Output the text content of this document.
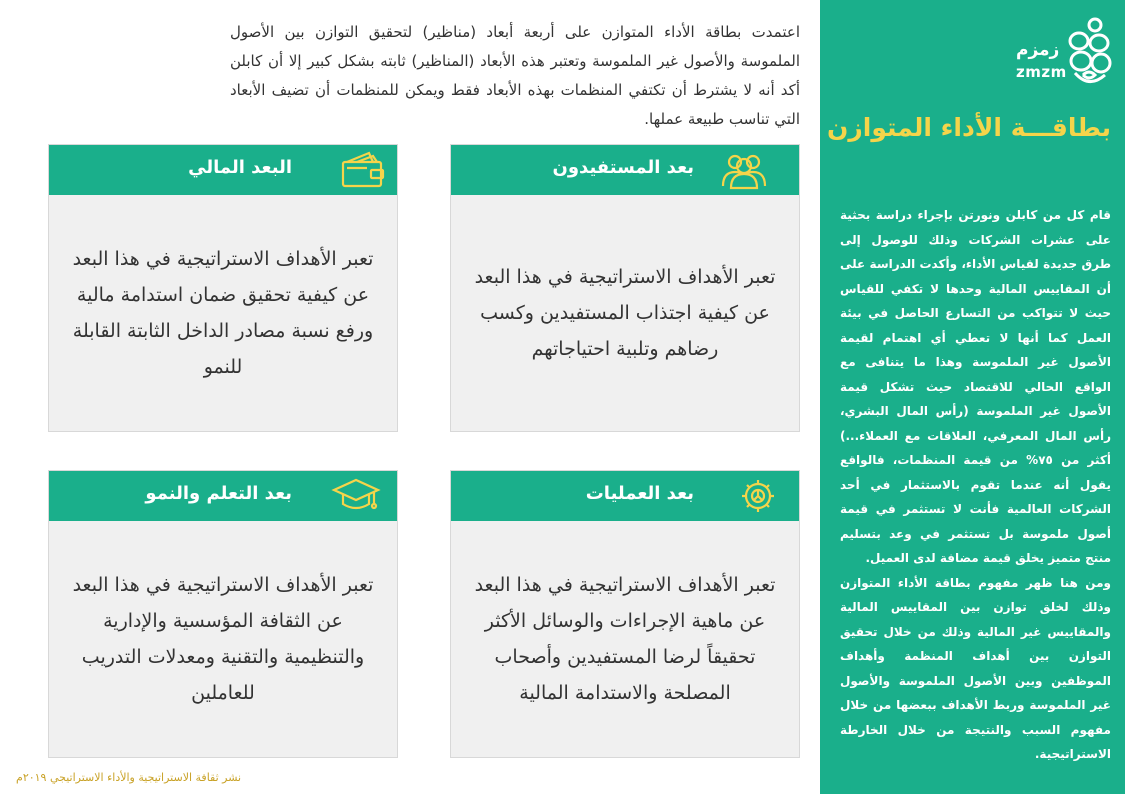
زمزم
zmzm
بطاقـــة الأداء المتوازن

قام كل من كابلن ونورتن بإجراء دراسة بحثية على عشرات الشركات وذلك للوصول إلى طرق جديدة لقياس الأداء، وأكدت الدراسة على أن المقاييس المالية وحدها لا تكفي للقياس حيث لا تتواكب من التسارع الحاصل في بيئة العمل كما أنها لا تعطي أي اهتمام لقيمة الأصول غير الملموسة وهذا ما يتنافى مع الواقع الحالي للاقتصاد حيث تشكل قيمة الأصول غير الملموسة (رأس المال البشري، رأس المال المعرفي، العلاقات مع العملاء...) أكثر من ٧٥% من قيمة المنظمات، فالواقع يقول أنه عندما تقوم بالاستثمار في أحد الشركات العالمية فأنت لا تستثمر في قيمة أصول ملموسة بل تستثمر في وعد بتسليم منتج متميز يخلق قيمة مضافة لدى العميل.

ومن هنا ظهر مفهوم بطاقة الأداء المتوازن وذلك لخلق توازن بين المقاييس المالية والمقاييس غير المالية وذلك من خلال تحقيق التوازن بين أهداف المنظمة وأهداف الموظفين وبين الأصول الملموسة والأصول غير الملموسة وربط الأهداف ببعضها من خلال مفهوم السبب والنتيجة من خلال الخارطة الاستراتيجية.

اعتمدت بطاقة الأداء المتوازن على أربعة أبعاد (مناظير) لتحقيق التوازن بين الأصول الملموسة والأصول غير الملموسة وتعتبر هذه الأبعاد (المناظير) ثابته بشكل كبير إلا أن كابلن أكد أنه لا يشترط أن تكتفي المنظمات بهذه الأبعاد فقط ويمكن للمنظمات أن تضيف الأبعاد التي تناسب طبيعة عملها.
بعد المستفيدون
تعبر الأهداف الاستراتيجية في هذا البعد عن كيفية اجتذاب المستفيدين وكسب رضاهم وتلبية احتياجاتهم
البعد المالي
تعبر الأهداف الاستراتيجية في هذا البعد عن كيفية تحقيق ضمان استدامة مالية ورفع نسبة مصادر الداخل الثابتة القابلة للنمو
بعد العمليات
تعبر الأهداف الاستراتيجية في هذا البعد عن ماهية الإجراءات والوسائل الأكثر تحقيقاً لرضا المستفيدين وأصحاب المصلحة والاستدامة المالية
بعد التعلم والنمو
تعبر الأهداف الاستراتيجية في هذا البعد عن الثقافة المؤسسية والإدارية والتنظيمية والتقنية ومعدلات التدريب للعاملين
نشر ثقافة الاستراتيجية والأداء الاستراتيجي ٢٠١٩م
